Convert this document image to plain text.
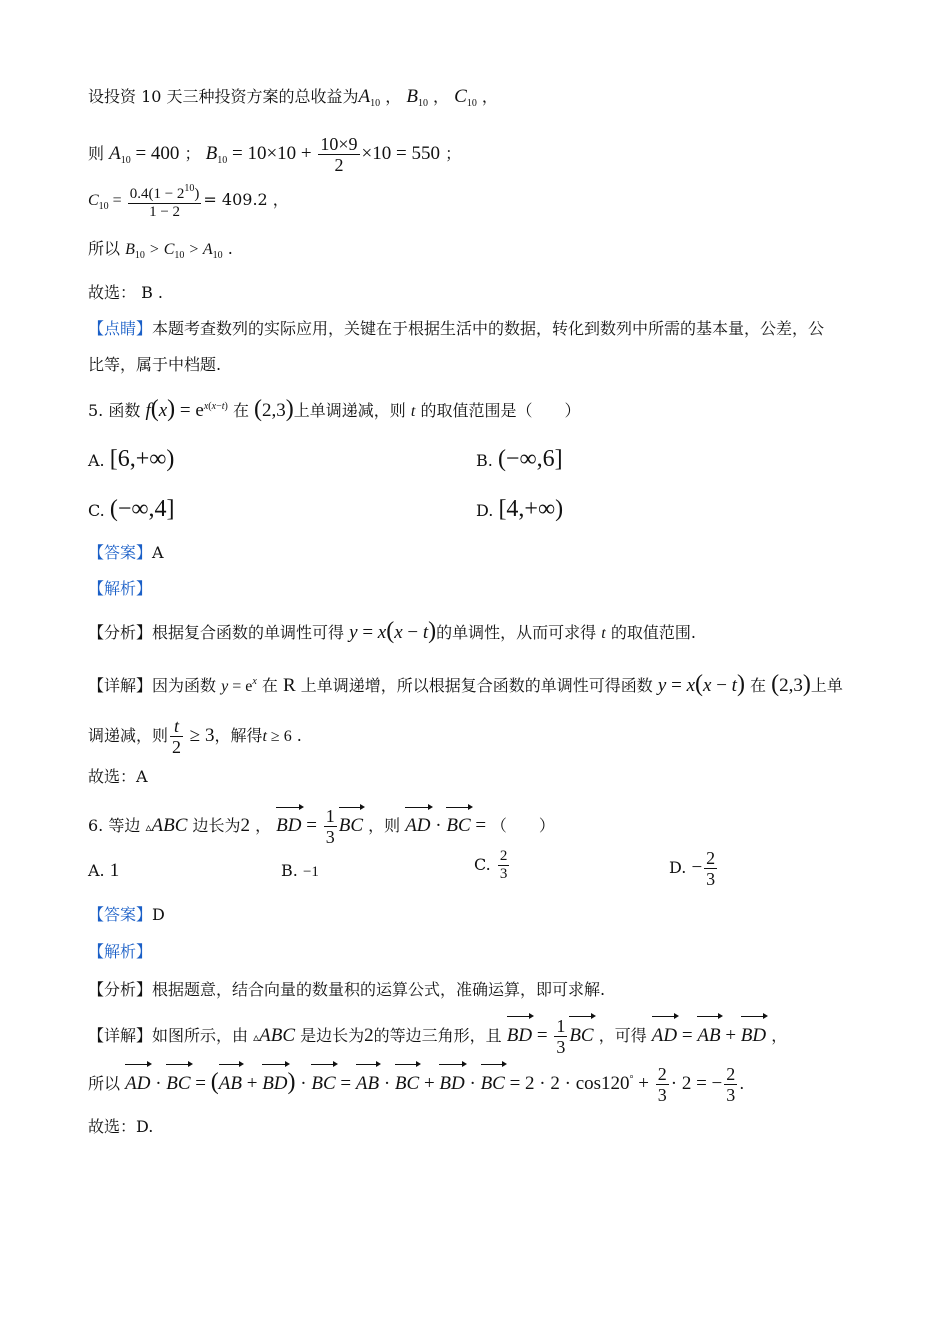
设投资 10 天三种投资方案的总收益为$A_{10}$ ， $B_{10}$ ， $C_{10}$ ，
则 $A_{10} = 400$ ； $B_{10} = 10\times 10 + \frac{10\times 9}{2} \times 10 = 550$ ；
$C_{10} = \frac{0.4(1 - 2^{10})}{1 - 2} = 409.2$ ，
所以 $B_{10} > C_{10} > A_{10}$ .
故选： B .
【点睛】本题考查数列的实际应用，关键在于根据生活中的数据，转化到数列中所需的基本量，公差，公
比等，属于中档题.
5. 函数 $f(x) = e^{x(x-t)}$ 在 (2,3)上单调递减，则 t 的取值范围是（　　）
A. [6,+∞)	B. (−∞,6]
C. (−∞,4]	D. [4,+∞)
【答案】A
【解析】
【分析】根据复合函数的单调性可得 y = x(x − t)的单调性，从而可求得 t 的取值范围.
【详解】因为函数 $y = e^x$ 在 R 上单调递增，所以根据复合函数的单调性可得函数 y = x(x − t) 在 (2,3)上单
调递减，则 $\frac{t}{2} \ge 3$，解得t ≥ 6 .
故选：A
6. 等边 ▵ABC 边长为2 ， BD = $\frac{1}{3}$ BC ，则 AD · BC = （　　）
A. 1	B. −1	C. $\frac{2}{3}$	D. − $\frac{2}{3}$
【答案】D
【解析】
【分析】根据题意，结合向量的数量积的运算公式，准确运算，即可求解.
【详解】如图所示，由 ▵ABC 是边长为2的等边三角形，且 BD = $\frac{1}{3}$ BC ，可得 AD = AB + BD ，
所以 AD · BC = (AB + BD) · BC = AB · BC + BD · BC = $2 \cdot 2 \cdot \cos 120^\circ + \frac{2}{3} \cdot 2$ = − $\frac{2}{3}$ .
故选：D.
